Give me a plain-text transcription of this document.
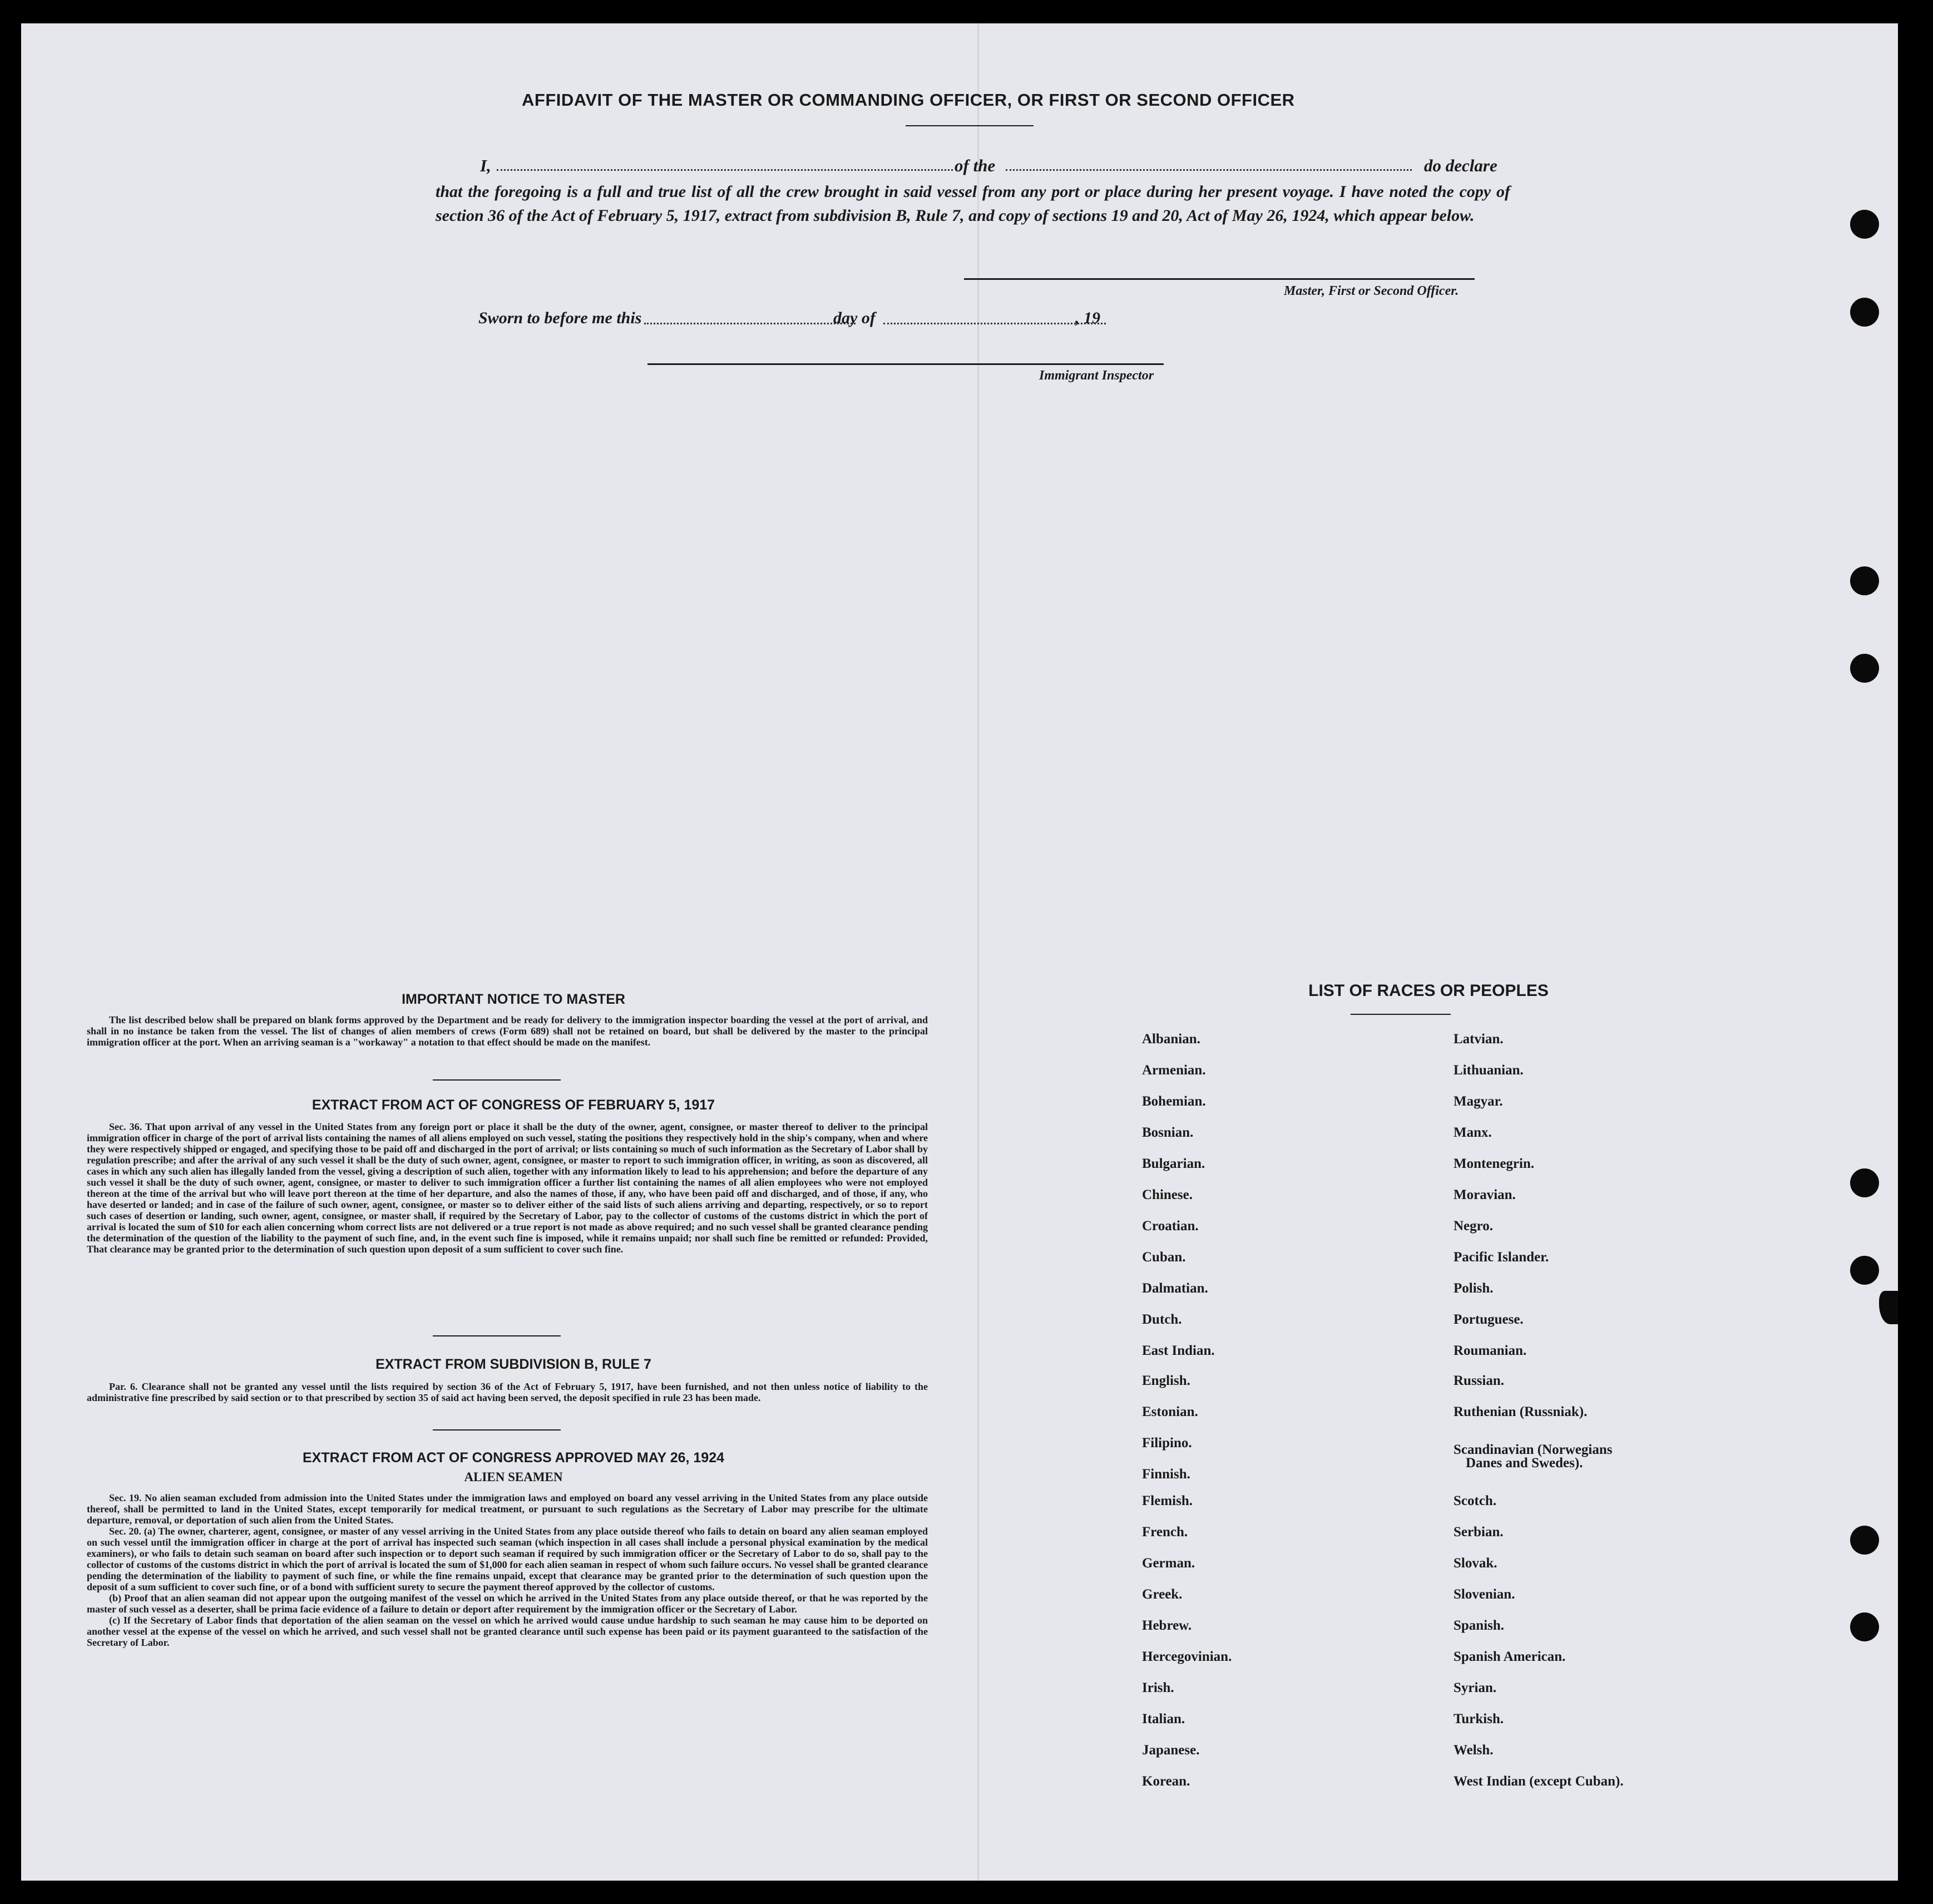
AFFIDAVIT OF THE MASTER OR COMMANDING OFFICER, OR FIRST OR SECOND OFFICER
I,	of the	do declare
that the foregoing is a full and true list of all the crew brought in said vessel from any port or place during her present voyage. I have noted the copy of section 36 of the Act of February 5, 1917, extract from subdivision B, Rule 7, and copy of sections 19 and 20, Act of May 26, 1924, which appear below.
Master, First or Second Officer.
Sworn to before me this	day of	, 19
Immigrant Inspector
IMPORTANT NOTICE TO MASTER

The list described below shall be prepared on blank forms approved by the Department and be ready for delivery to the immigration inspector boarding the vessel at the port of arrival, and shall in no instance be taken from the vessel. The list of changes of alien members of crews (Form 689) shall not be retained on board, but shall be delivered by the master to the principal immigration officer at the port. When an arriving seaman is a "workaway" a notation to that effect should be made on the manifest.

EXTRACT FROM ACT OF CONGRESS OF FEBRUARY 5, 1917

Sec. 36. That upon arrival of any vessel in the United States from any foreign port or place it shall be the duty of the owner, agent, consignee, or master thereof to deliver to the principal immigration officer in charge of the port of arrival lists containing the names of all aliens employed on such vessel, stating the positions they respectively hold in the ship's company, when and where they were respectively shipped or engaged, and specifying those to be paid off and discharged in the port of arrival; or lists containing so much of such information as the Secretary of Labor shall by regulation prescribe; and after the arrival of any such vessel it shall be the duty of such owner, agent, consignee, or master to report to such immigration officer, in writing, as soon as discovered, all cases in which any such alien has illegally landed from the vessel, giving a description of such alien, together with any information likely to lead to his apprehension; and before the departure of any such vessel it shall be the duty of such owner, agent, consignee, or master to deliver to such immigration officer a further list containing the names of all alien employees who were not employed thereon at the time of the arrival but who will leave port thereon at the time of her departure, and also the names of those, if any, who have been paid off and discharged, and of those, if any, who have deserted or landed; and in case of the failure of such owner, agent, consignee, or master so to deliver either of the said lists of such aliens arriving and departing, respectively, or so to report such cases of desertion or landing, such owner, agent, consignee, or master shall, if required by the Secretary of Labor, pay to the collector of customs of the customs district in which the port of arrival is located the sum of $10 for each alien concerning whom correct lists are not delivered or a true report is not made as above required; and no such vessel shall be granted clearance pending the determination of the question of the liability to the payment of such fine, and, in the event such fine is imposed, while it remains unpaid; nor shall such fine be remitted or refunded: Provided, That clearance may be granted prior to the determination of such question upon deposit of a sum sufficient to cover such fine.

EXTRACT FROM SUBDIVISION B, RULE 7

Par. 6. Clearance shall not be granted any vessel until the lists required by section 36 of the Act of February 5, 1917, have been furnished, and not then unless notice of liability to the administrative fine prescribed by said section or to that prescribed by section 35 of said act having been served, the deposit specified in rule 23 has been made.

EXTRACT FROM ACT OF CONGRESS APPROVED MAY 26, 1924
ALIEN SEAMEN

Sec. 19. No alien seaman excluded from admission into the United States under the immigration laws and employed on board any vessel arriving in the United States from any place outside thereof, shall be permitted to land in the United States, except temporarily for medical treatment, or pursuant to such regulations as the Secretary of Labor may prescribe for the ultimate departure, removal, or deportation of such alien from the United States.

Sec. 20. (a) The owner, charterer, agent, consignee, or master of any vessel arriving in the United States from any place outside thereof who fails to detain on board any alien seaman employed on such vessel until the immigration officer in charge at the port of arrival has inspected such seaman (which inspection in all cases shall include a personal physical examination by the medical examiners), or who fails to detain such seaman on board after such inspection or to deport such seaman if required by such immigration officer or the Secretary of Labor to do so, shall pay to the collector of customs of the customs district in which the port of arrival is located the sum of $1,000 for each alien seaman in respect of whom such failure occurs. No vessel shall be granted clearance pending the determination of the liability to payment of such fine, or while the fine remains unpaid, except that clearance may be granted prior to the determination of such question upon the deposit of a sum sufficient to cover such fine, or of a bond with sufficient surety to secure the payment thereof approved by the collector of customs.

(b) Proof that an alien seaman did not appear upon the outgoing manifest of the vessel on which he arrived in the United States from any place outside thereof, or that he was reported by the master of such vessel as a deserter, shall be prima facie evidence of a failure to detain or deport after requirement by the immigration officer or the Secretary of Labor.

(c) If the Secretary of Labor finds that deportation of the alien seaman on the vessel on which he arrived would cause undue hardship to such seaman he may cause him to be deported on another vessel at the expense of the vessel on which he arrived, and such vessel shall not be granted clearance until such expense has been paid or its payment guaranteed to the satisfaction of the Secretary of Labor.

LIST OF RACES OR PEOPLES
Albanian.
Armenian.
Bohemian.
Bosnian.
Bulgarian.
Chinese.
Croatian.
Cuban.
Dalmatian.
Dutch.
East Indian.
English.
Estonian.
Filipino.
Finnish.
Flemish.
French.
German.
Greek.
Hebrew.
Hercegovinian.
Irish.
Italian.
Japanese.
Korean.
Latvian.
Lithuanian.
Magyar.
Manx.
Montenegrin.
Moravian.
Negro.
Pacific Islander.
Polish.
Portuguese.
Roumanian.
Russian.
Ruthenian (Russniak).
Scandinavian (Norwegians
Danes and Swedes).
Scotch.
Serbian.
Slovak.
Slovenian.
Spanish.
Spanish American.
Syrian.
Turkish.
Welsh.
West Indian (except Cuban).
